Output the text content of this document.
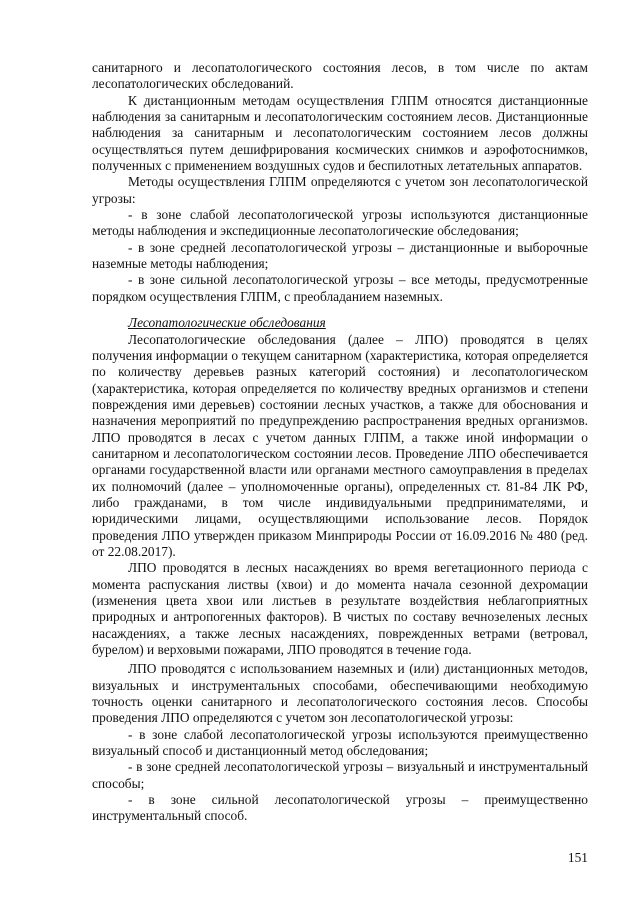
санитарного и лесопатологического состояния лесов, в том числе по актам лесопатологических обследований.

К дистанционным методам осуществления ГЛПМ относятся дистанционные наблюдения за санитарным и лесопатологическим состоянием лесов. Дистанционные наблюдения за санитарным и лесопатологическим состоянием лесов должны осуществляться путем дешифрирования космических снимков и аэрофотоснимков, полученных с применением воздушных судов и беспилотных летательных аппаратов.

Методы осуществления ГЛПМ определяются с учетом зон лесопатологической угрозы:

- в зоне слабой лесопатологической угрозы используются дистанционные методы наблюдения и экспедиционные лесопатологические обследования;

- в зоне средней лесопатологической угрозы – дистанционные и выборочные наземные методы наблюдения;

- в зоне сильной лесопатологической угрозы – все методы, предусмотренные порядком осуществления ГЛПМ, с преобладанием наземных.

Лесопатологические обследования

Лесопатологические обследования (далее – ЛПО) проводятся в целях получения информации о текущем санитарном (характеристика, которая определяется по количеству деревьев разных категорий состояния) и лесопатологическом (характеристика, которая определяется по количеству вредных организмов и степени повреждения ими деревьев) состоянии лесных участков, а также для обоснования и назначения мероприятий по предупреждению распространения вредных организмов. ЛПО проводятся в лесах с учетом данных ГЛПМ, а также иной информации о санитарном и лесопатологическом состоянии лесов. Проведение ЛПО обеспечивается органами государственной власти или органами местного самоуправления в пределах их полномочий (далее – уполномоченные органы), определенных ст. 81-84 ЛК РФ, либо гражданами, в том числе индивидуальными предпринимателями, и юридическими лицами, осуществляющими использование лесов. Порядок проведения ЛПО утвержден приказом Минприроды России от 16.09.2016 № 480 (ред. от 22.08.2017).

ЛПО проводятся в лесных насаждениях во время вегетационного периода с момента распускания листвы (хвои) и до момента начала сезонной дехромации (изменения цвета хвои или листьев в результате воздействия неблагоприятных природных и антропогенных факторов). В чистых по составу вечнозеленых лесных насаждениях, а также лесных насаждениях, поврежденных ветрами (ветровал, бурелом) и верховыми пожарами, ЛПО проводятся в течение года.

ЛПО проводятся с использованием наземных и (или) дистанционных методов, визуальных и инструментальных способами, обеспечивающими необходимую точность оценки санитарного и лесопатологического состояния лесов. Способы проведения ЛПО определяются с учетом зон лесопатологической угрозы:

- в зоне слабой лесопатологической угрозы используются преимущественно визуальный способ и дистанционный метод обследования;

- в зоне средней лесопатологической угрозы – визуальный и инструментальный способы;

- в зоне сильной лесопатологической угрозы – преимущественно инструментальный способ.

151
